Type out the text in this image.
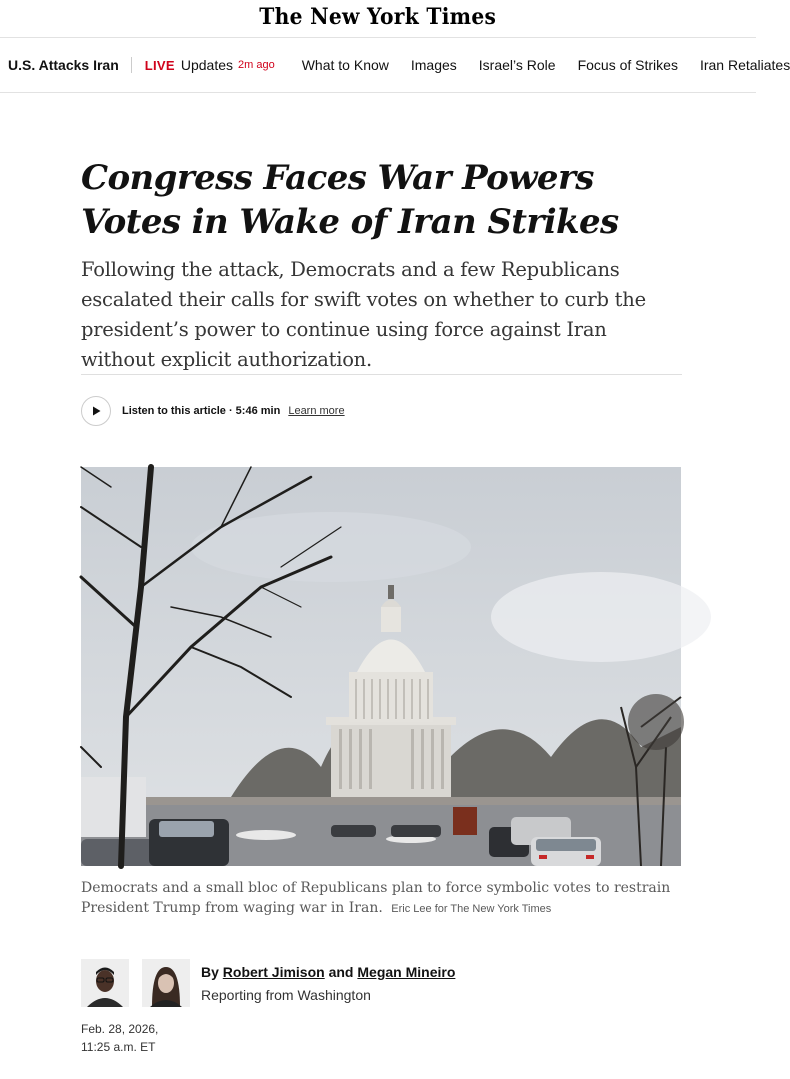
The New York Times
U.S. Attacks Iran	LIVE Updates 2m ago What to Know Images Israel’s Role Focus of Strikes Iran Retaliates
Congress Faces War Powers Votes in Wake of Iran Strikes

Following the attack, Democrats and a few Republicans escalated their calls for swift votes on whether to curb the president’s power to continue using force against Iran without explicit authorization.

Listen to this article · 5:46 min Learn more

Democrats and a small bloc of Republicans plan to force symbolic votes to restrain President Trump from waging war in Iran. Eric Lee for The New York Times

By Robert Jimison and Megan Mineiro
Reporting from Washington
Feb. 28, 2026,
11:25 a.m. ET
